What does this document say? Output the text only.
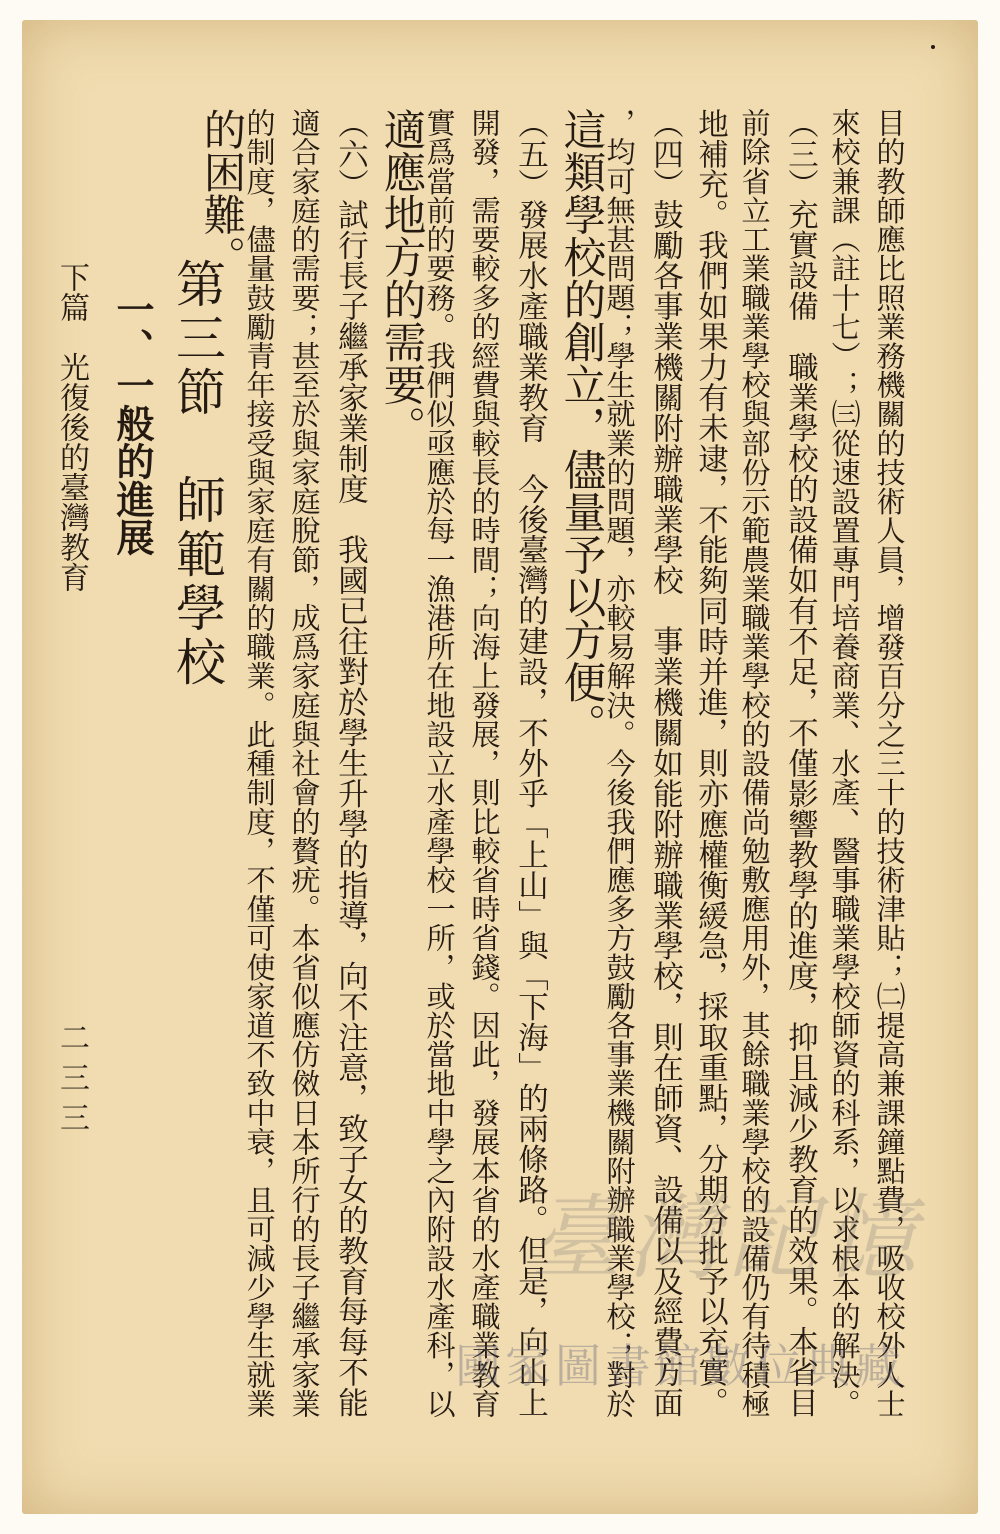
目的教師應比照業務機關的技術人員，增發百分之三十的技術津貼；㈡提高兼課鐘點費，吸收校外人士
來校兼課（註十七）；㈢從速設置專門培養商業、水產、醫事職業學校師資的科系，以求根本的解決。
（三）充實設備　職業學校的設備如有不足，不僅影響教學的進度，抑且減少教育的效果。本省目
前除省立工業職業學校與部份示範農業職業學校的設備尚勉敷應用外，其餘職業學校的設備仍有待積極
地補充。我們如果力有未逮，不能夠同時并進，則亦應權衡緩急，採取重點，分期分批予以充實。
（四）鼓勵各事業機關附辦職業學校　事業機關如能附辦職業學校，則在師資、設備以及經費方面
，均可無甚問題；學生就業的問題，亦較易解決。今後我們應多方鼓勵各事業機關附辦職業學校；對於
這類學校的創立，儘量予以方便。
（五）發展水產職業教育　今後臺灣的建設，不外乎「上山」與「下海」的兩條路。但是，向山上
開發，需要較多的經費與較長的時間；向海上發展，則比較省時省錢。因此，發展本省的水產職業教育
實爲當前的要務。我們似亟應於每一漁港所在地設立水產學校一所，或於當地中學之內附設水產科，以
適應地方的需要。
（六）試行長子繼承家業制度　我國已往對於學生升學的指導，向不注意，致子女的教育每每不能
適合家庭的需要；甚至於與家庭脫節，成爲家庭與社會的贅疣。本省似應仿傚日本所行的長子繼承家業
的制度，儘量鼓勵青年接受與家庭有關的職業。此種制度，不僅可使家道不致中衰，且可減少學生就業
的困難。
第三節　師範學校
一、一般的進展
下篇　光復後的臺灣教育
二三三
臺灣記憶
國家圖書館數位典藏
